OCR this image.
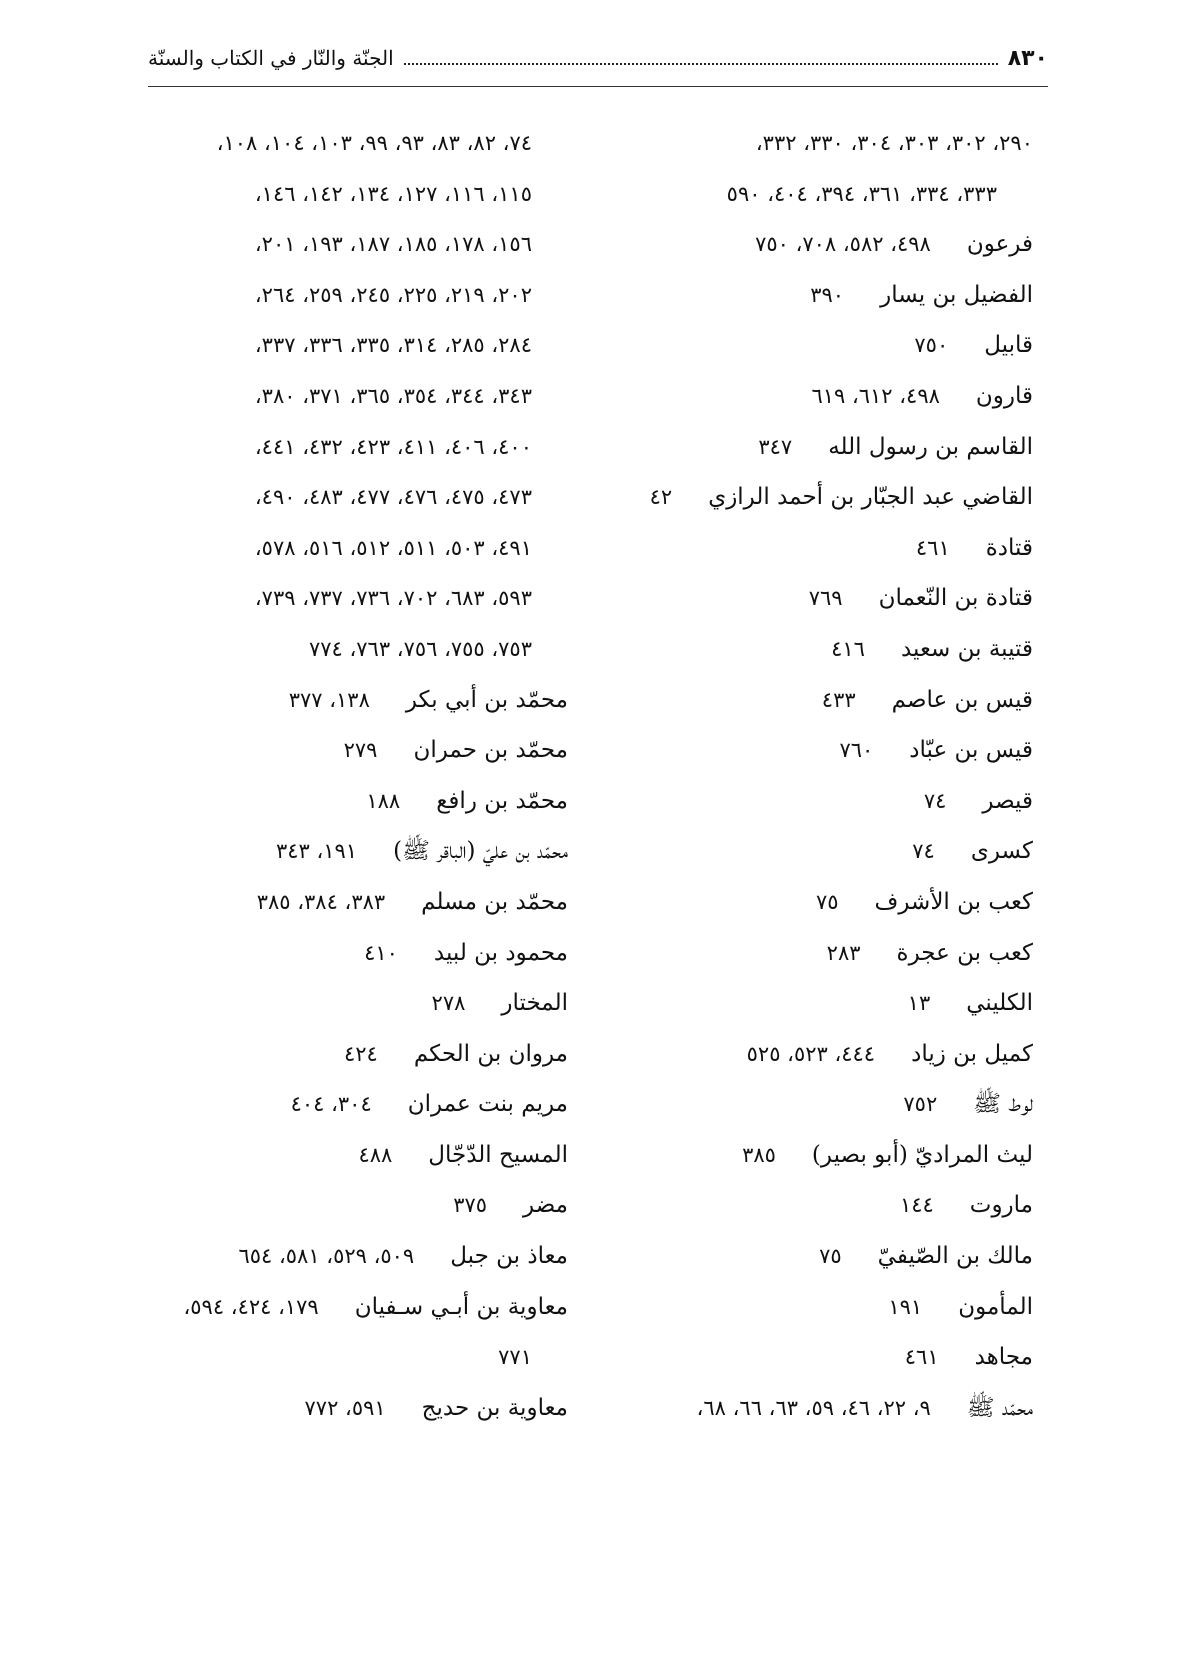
٨٣٠
الجنّة والنّار في الكتاب والسنّة
٢٩٠، ٣٠٢، ٣٠٣، ٣٠٤، ٣٣٠، ٣٣٢،
٣٣٣، ٣٣٤، ٣٦١، ٣٩٤، ٤٠٤، ٥٩٠
فرعون٤٩٨، ٥٨٢، ٧٠٨، ٧٥٠
الفضيل بن يسار٣٩٠
قابيل٧٥٠
قارون٤٩٨، ٦١٢، ٦١٩
القاسم بن رسول الله٣٤٧
القاضي عبد الجبّار بن أحمد الرازي٤٢
قتادة٤٦١
قتادة بن النّعمان٧٦٩
قتيبة بن سعيد٤١٦
قيس بن عاصم٤٣٣
قيس بن عبّاد٧٦٠
قيصر٧٤
كسرى٧٤
كعب بن الأشرف٧٥
كعب بن عجرة٢٨٣
الكليني١٣
كميل بن زياد٤٤٤، ٥٢٣، ٥٢٥
لوط ﷺ٧٥٢
ليث المراديّ (أبو بصير)٣٨٥
ماروت١٤٤
مالك بن الصّيفيّ٧٥
المأمون١٩١
مجاهد٤٦١
محمّد ﷺ٩، ٢٢، ٤٦، ٥٩، ٦٣، ٦٦، ٦٨،
٧٤، ٨٢، ٨٣، ٩٣، ٩٩، ١٠٣، ١٠٤، ١٠٨،
١١٥، ١١٦، ١٢٧، ١٣٤، ١٤٢، ١٤٦،
١٥٦، ١٧٨، ١٨٥، ١٨٧، ١٩٣، ٢٠١،
٢٠٢، ٢١٩، ٢٢٥، ٢٤٥، ٢٥٩، ٢٦٤،
٢٨٤، ٢٨٥، ٣١٤، ٣٣٥، ٣٣٦، ٣٣٧،
٣٤٣، ٣٤٤، ٣٥٤، ٣٦٥، ٣٧١، ٣٨٠،
٤٠٠، ٤٠٦، ٤١١، ٤٢٣، ٤٣٢، ٤٤١،
٤٧٣، ٤٧٥، ٤٧٦، ٤٧٧، ٤٨٣، ٤٩٠،
٤٩١، ٥٠٣، ٥١١، ٥١٢، ٥١٦، ٥٧٨،
٥٩٣، ٦٨٣، ٧٠٢، ٧٣٦، ٧٣٧، ٧٣٩،
٧٥٣، ٧٥٥، ٧٥٦، ٧٦٣، ٧٧٤
محمّد بن أبي بكر١٣٨، ٣٧٧
محمّد بن حمران٢٧٩
محمّد بن رافع١٨٨
محمّد بن عليّ (الباقر ﷺ)١٩١، ٣٤٣
محمّد بن مسلم٣٨٣، ٣٨٤، ٣٨٥
محمود بن لبيد٤١٠
المختار٢٧٨
مروان بن الحكم٤٢٤
مريم بنت عمران٣٠٤، ٤٠٤
المسيح الدّجّال٤٨٨
مضر٣٧٥
معاذ بن جبل٥٠٩، ٥٢٩، ٥٨١، ٦٥٤
معاوية بن أبـي سـفيان١٧٩، ٤٢٤، ٥٩٤،
٧٧١
معاوية بن حديج٥٩١، ٧٧٢
